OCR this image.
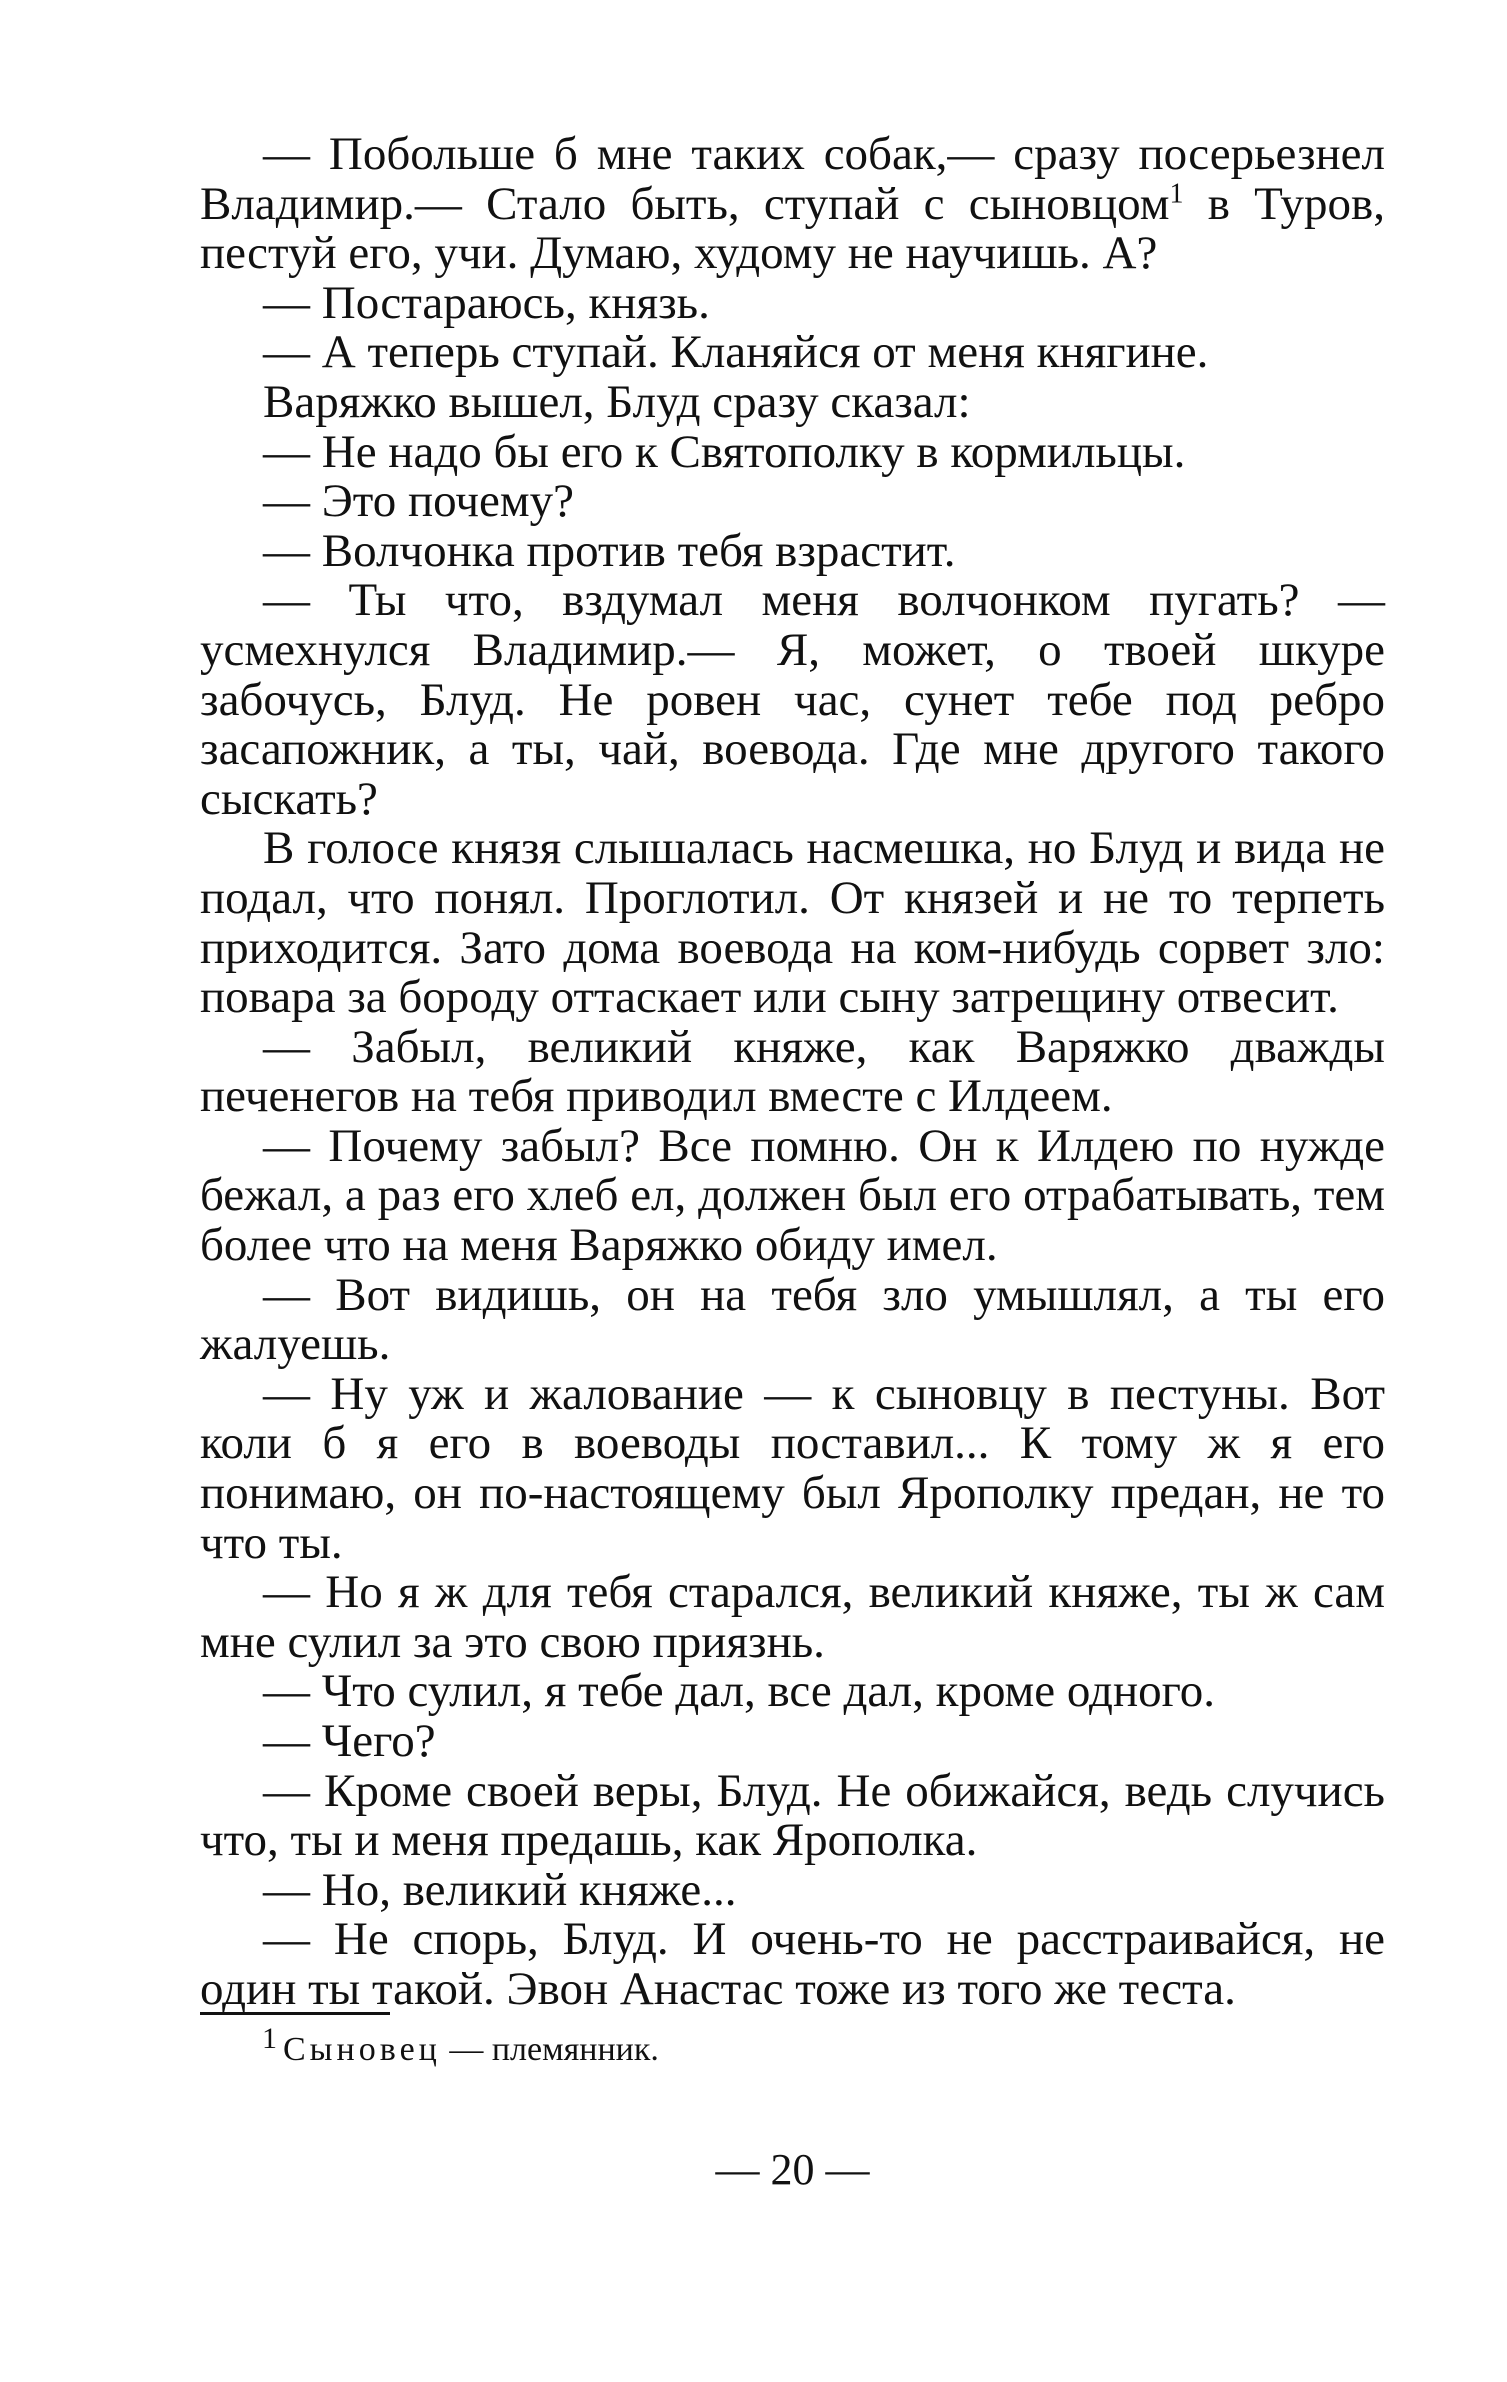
— Побольше б мне таких собак,— сразу посерьезнел Владимир.— Стало быть, ступай с сыновцом$^1$ в Туров, пестуй его, учи. Думаю, худому не научишь. А?

— Постараюсь, князь.

— А теперь ступай. Кланяйся от меня княгине.

Варяжко вышел, Блуд сразу сказал:

— Не надо бы его к Святополку в кормильцы.

— Это почему?

— Волчонка против тебя взрастит.

— Ты что, вздумал меня волчонком пугать? — усмехнулся Владимир.— Я, может, о твоей шкуре забочусь, Блуд. Не ровен час, сунет тебе под ребро засапожник, а ты, чай, воевода. Где мне другого такого сыскать?

В голосе князя слышалась насмешка, но Блуд и вида не подал, что понял. Проглотил. От князей и не то терпеть приходится. Зато дома воевода на ком-нибудь сорвет зло: повара за бороду оттаскает или сыну затрещину отвесит.

— Забыл, великий княже, как Варяжко дважды печенегов на тебя приводил вместе с Илдеем.

— Почему забыл? Все помню. Он к Илдею по нужде бежал, а раз его хлеб ел, должен был его отрабатывать, тем более что на меня Варяжко обиду имел.

— Вот видишь, он на тебя зло умышлял, а ты его жалуешь.

— Ну уж и жалование — к сыновцу в пестуны. Вот коли б я его в воеводы поставил... К тому ж я его понимаю, он по-настоящему был Ярополку предан, не то что ты.

— Но я ж для тебя старался, великий княже, ты ж сам мне сулил за это свою приязнь.

— Что сулил, я тебе дал, все дал, кроме одного.

— Чего?

— Кроме своей веры, Блуд. Не обижайся, ведь случись что, ты и меня предашь, как Ярополка.

— Но, великий княже...

— Не спорь, Блуд. И очень-то не расстраивайся, не один ты такой. Эвон Анастас тоже из того же теста.

1 Сыновец — племянник.
— 20 —
